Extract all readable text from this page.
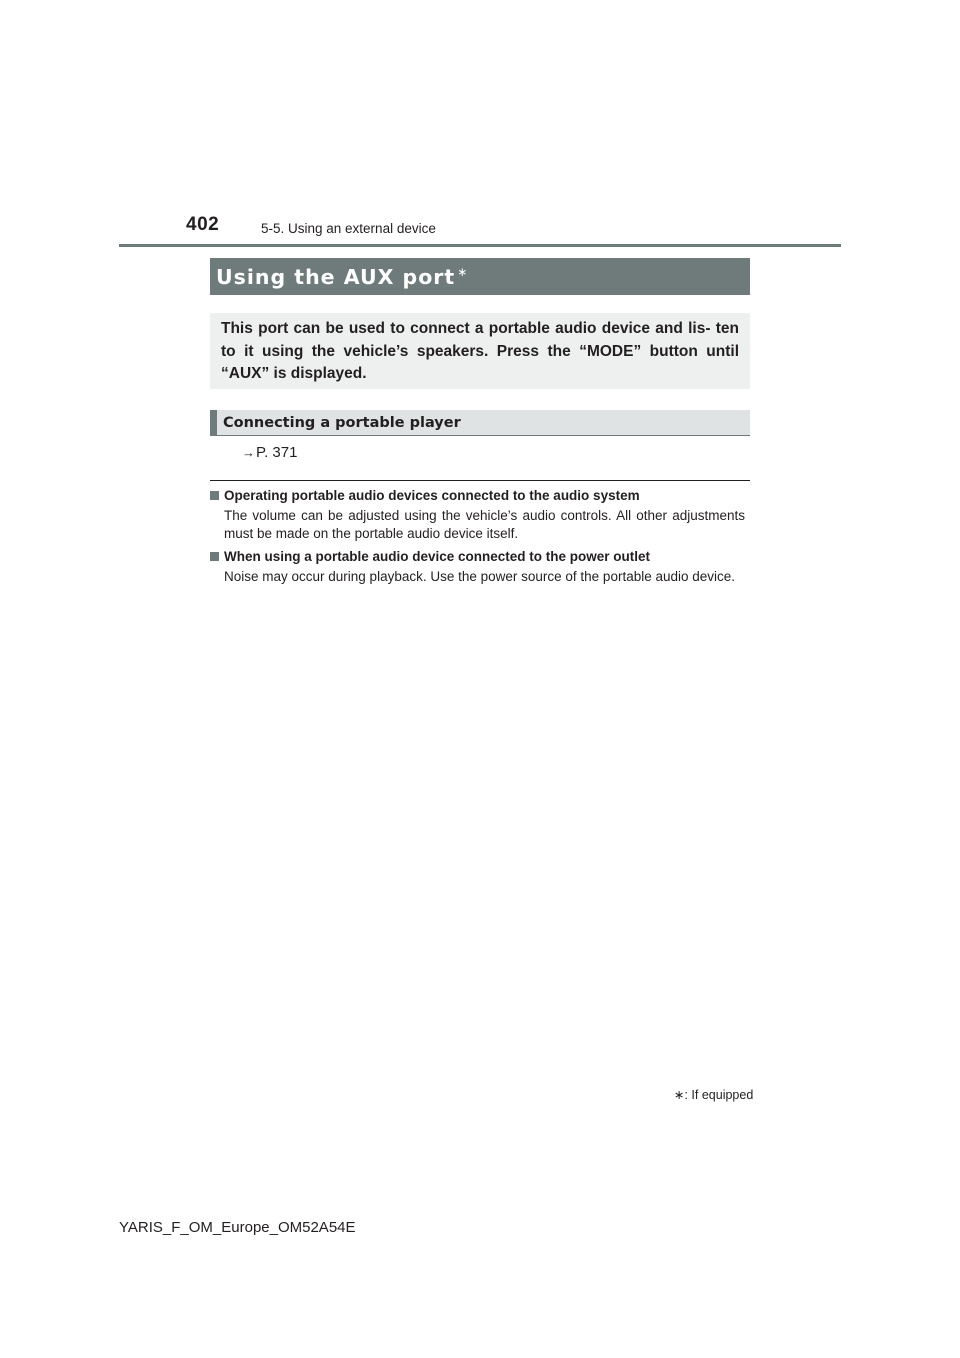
402	5-5. Using an external device
Using the AUX port ∗
This port can be used to connect a portable audio device and lis- ten to it using the vehicle’s speakers. Press the “MODE” button until “AUX” is displayed.
Connecting a portable player
→P. 371
Operating portable audio devices connected to the audio system
The volume can be adjusted using the vehicle’s audio controls. All other adjustments must be made on the portable audio device itself.
When using a portable audio device connected to the power outlet
Noise may occur during playback. Use the power source of the portable audio device.
∗: If equipped
YARIS_F_OM_Europe_OM52A54E
